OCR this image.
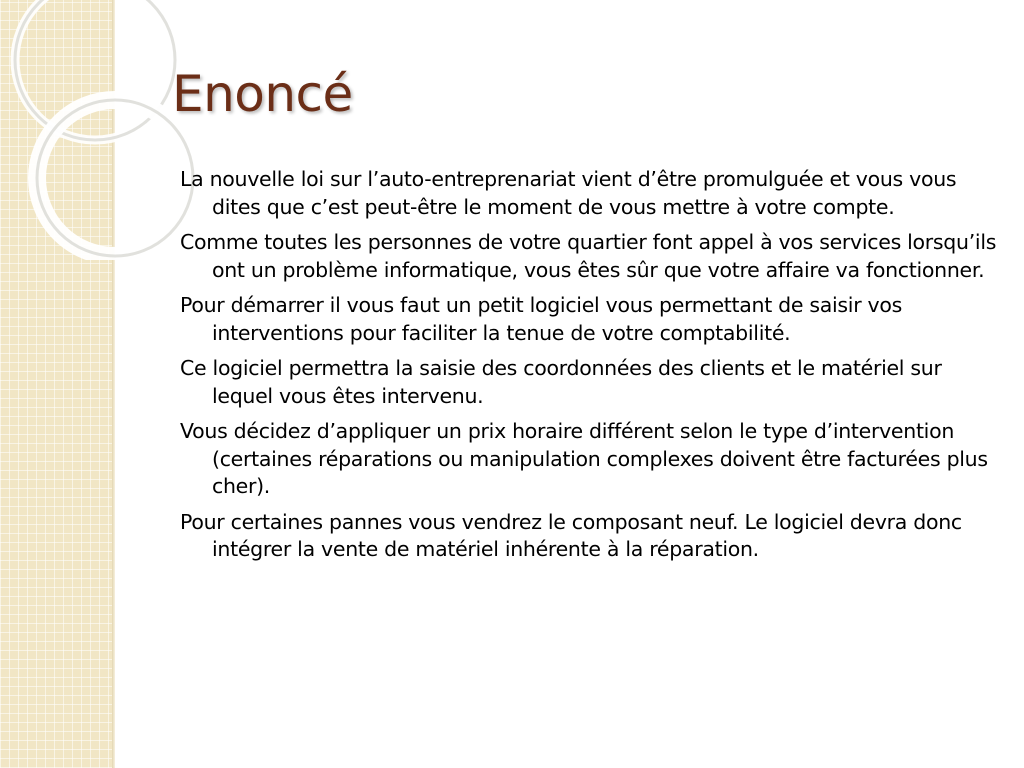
Enoncé
La nouvelle loi sur l’auto-entreprenariat vient d’être promulguée et vous vous dites que c’est peut-être le moment de vous mettre à votre compte.
Comme toutes les personnes de votre quartier font appel à vos services lorsqu’ils ont un problème informatique, vous êtes sûr que votre affaire va fonctionner.
Pour démarrer il vous faut un petit logiciel vous permettant de saisir vos interventions pour faciliter la tenue de votre comptabilité.
Ce logiciel permettra la saisie des coordonnées des clients et le matériel sur lequel vous êtes intervenu.
Vous décidez d’appliquer un prix horaire différent selon le type d’intervention (certaines réparations ou manipulation complexes doivent être facturées plus cher).
Pour certaines pannes vous vendrez le composant neuf. Le logiciel devra donc intégrer la vente de matériel inhérente à la réparation.
